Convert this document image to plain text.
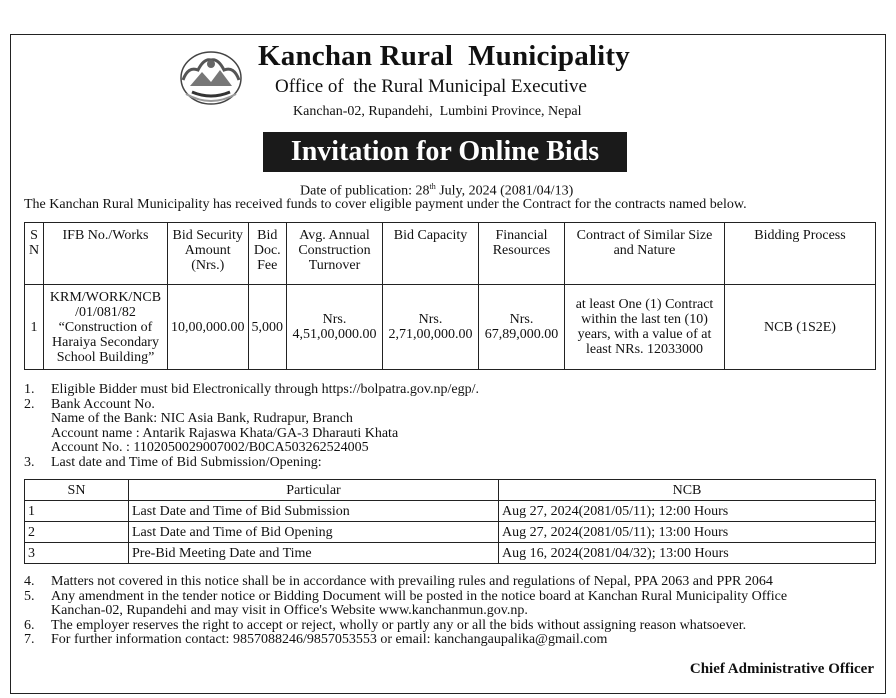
Kanchan Rural  Municipality
Office of  the Rural Municipal Executive
Kanchan-02, Rupandehi,  Lumbini Province, Nepal
Invitation for Online Bids
Date of publication: 28th July, 2024 (2081/04/13)
The Kanchan Rural Municipality has received funds to cover eligible payment under the Contract for the contracts named below.
S N	IFB No./Works	Bid Security Amount (Nrs.)	Bid Doc. Fee	Avg. Annual Construction Turnover	Bid Capacity	Financial Resources	Contract of Similar Size and Nature	Bidding Process
1	KRM/WORK/NCB /01/081/82 “Construction of Haraiya Secondary School Building”	10,00,000.00	5,000	Nrs. 4,51,00,000.00	Nrs. 2,71,00,000.00	Nrs. 67,89,000.00	at least One (1) Contract within the last ten (10) years, with a value of at least NRs. 12033000	NCB (1S2E)
1.	Eligible Bidder must bid Electronically through https://bolpatra.gov.np/egp/.
2.	Bank Account No.
Name of the Bank: NIC Asia Bank, Rudrapur, Branch
Account name : Antarik Rajaswa Khata/GA-3 Dharauti Khata
Account No. : 1102050029007002/B0CA503262524005
3.	Last date and Time of Bid Submission/Opening:
SN	Particular	NCB
1	Last Date and Time of Bid Submission	Aug 27, 2024(2081/05/11); 12:00 Hours
2	Last Date and Time of Bid Opening	Aug 27, 2024(2081/05/11); 13:00 Hours
3	Pre-Bid Meeting Date and Time	Aug 16, 2024(2081/04/32); 13:00 Hours
4.	Matters not covered in this notice shall be in accordance with prevailing rules and regulations of Nepal, PPA 2063 and PPR 2064
5.	Any amendment in the tender notice or Bidding Document will be posted in the notice board at Kanchan Rural Municipality Office
Kanchan-02, Rupandehi and may visit in Office's Website www.kanchanmun.gov.np.
6.	The employer reserves the right to accept or reject, wholly or partly any or all the bids without assigning reason whatsoever.
7.	For further information contact: 9857088246/9857053553 or email: kanchangaupalika@gmail.com
Chief Administrative Officer
